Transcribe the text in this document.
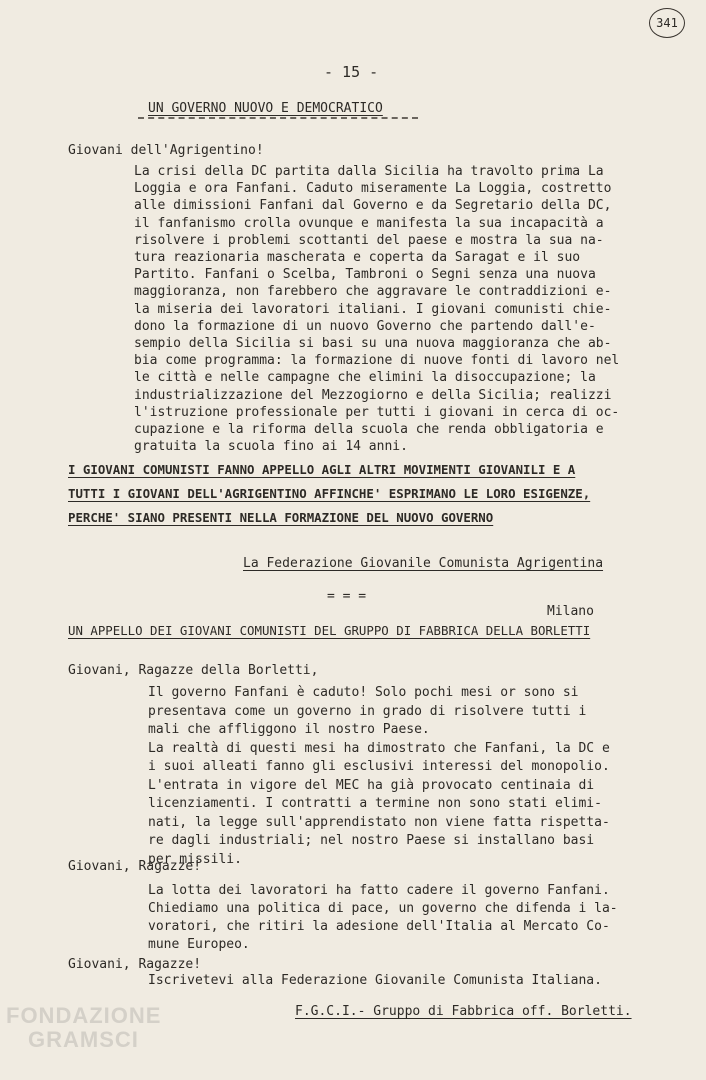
341
- 15 -
UN GOVERNO NUOVO E DEMOCRATICO
Giovani dell'Agrigentino!
La crisi della DC partita dalla Sicilia ha travolto prima La
Loggia e ora Fanfani. Caduto miseramente La Loggia, costretto
alle dimissioni Fanfani dal Governo e da Segretario della DC,
il fanfanismo crolla ovunque e manifesta la sua incapacità a
risolvere i problemi scottanti del paese e mostra la sua na-
tura reazionaria mascherata e coperta da Saragat e il suo
Partito. Fanfani o Scelba, Tambroni o Segni senza una nuova
maggioranza, non farebbero che aggravare le contraddizioni e-
la miseria dei lavoratori italiani. I giovani comunisti chie-
dono la formazione di un nuovo Governo che partendo dall'e-
sempio della Sicilia si basi su una nuova maggioranza che ab-
bia come programma: la formazione di nuove fonti di lavoro nel
le città e nelle campagne che elimini la disoccupazione; la
industrializzazione del Mezzogiorno e della Sicilia; realizzi
l'istruzione professionale per tutti i giovani in cerca di oc-
cupazione e la riforma della scuola che renda obbligatoria e
gratuita la scuola fino ai 14 anni.
I GIOVANI COMUNISTI FANNO APPELLO AGLI ALTRI MOVIMENTI GIOVANILI E A
TUTTI I GIOVANI DELL'AGRIGENTINO AFFINCHE' ESPRIMANO LE LORO ESIGENZE,
PERCHE' SIANO PRESENTI NELLA FORMAZIONE DEL NUOVO GOVERNO
La Federazione Giovanile Comunista Agrigentina
= = =
Milano
UN APPELLO DEI GIOVANI COMUNISTI DEL GRUPPO DI FABBRICA DELLA BORLETTI
Giovani, Ragazze della Borletti,
Il governo Fanfani è caduto! Solo pochi mesi or sono si
presentava come un governo in grado di risolvere tutti i
mali che affliggono il nostro Paese.
La realtà di questi mesi ha dimostrato che Fanfani, la DC e
i suoi alleati fanno gli esclusivi interessi del monopolio.
L'entrata in vigore del MEC ha già provocato centinaia di
licenziamenti. I contratti a termine non sono stati elimi-
nati, la legge sull'apprendistato non viene fatta rispetta-
re dagli industriali; nel nostro Paese si installano basi
per missili.
Giovani, Ragazze!
La lotta dei lavoratori ha fatto cadere il governo Fanfani.
Chiediamo una politica di pace, un governo che difenda i la-
voratori, che ritiri la adesione dell'Italia al Mercato Co-
mune Europeo.
Giovani, Ragazze!
Iscrivetevi alla Federazione Giovanile Comunista Italiana.
F.G.C.I.- Gruppo di Fabbrica off. Borletti.
FONDAZIONE
GRAMSCI
